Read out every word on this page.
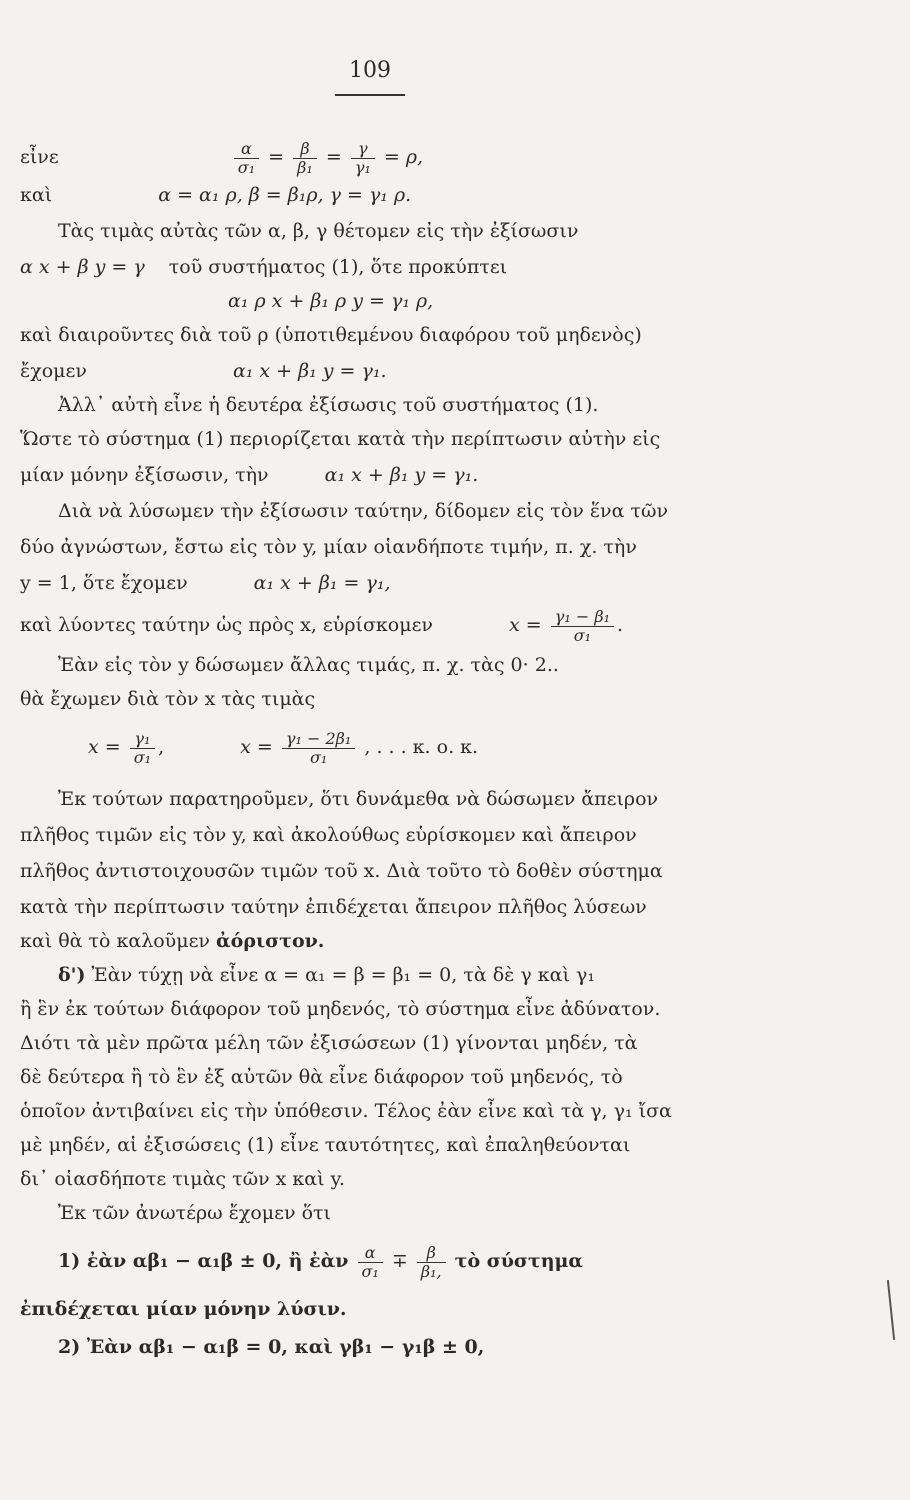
109
εἶνε	$\frac{\alpha}{\text{σ₁}} = \frac{\beta}{\text{β₁}} = \frac{\gamma}{\text{γ₁}} = \rho$,
καὶ	α = α₁ ρ, β = β₁ρ, γ = γ₁ ρ.
Τὰς τιμὰς αὐτὰς τῶν α, β, γ θέτομεν εἰς τὴν ἐξίσωσιν
α x + β y = γ τοῦ συστήματος (1), ὅτε προκύπτει
α₁ ρ x + β₁ ρ y = γ₁ ρ,
καὶ διαιροῦντες διὰ τοῦ ρ (ὑποτιθεμένου διαφόρου τοῦ μηδενὸς)
ἔχομεν	α₁ x + β₁ y = γ₁.
Ἀλλ᾽ αὐτὴ εἶνε ἡ δευτέρα ἐξίσωσις τοῦ συστήματος (1).
Ὥστε τὸ σύστημα (1) περιορίζεται κατὰ τὴν περίπτωσιν αὐτὴν εἰς
μίαν μόνην ἐξίσωσιν, τὴν	α₁ x + β₁ y = γ₁.
Διὰ νὰ λύσωμεν τὴν ἐξίσωσιν ταύτην, δίδομεν εἰς τὸν ἕνα τῶν
δύο ἀγνώστων, ἔστω εἰς τὸν y, μίαν οἱανδήποτε τιμήν, π. χ. τὴν
y = 1, ὅτε ἔχομεν	α₁ x + β₁ = γ₁,
καὶ λύοντες ταύτην ὡς πρὸς x, εὑρίσκομεν	$x = \frac{\text{γ₁ − β₁}}{\text{σ₁}}$ .
Ἐὰν εἰς τὸν y δώσωμεν ἄλλας τιμάς, π. χ. τὰς 0· 2..
θὰ ἔχωμεν διὰ τὸν x τὰς τιμὰς
$x = \frac{\text{γ₁}}{\text{σ₁}}$ ,	$x = \frac{\text{γ₁ − 2β₁}}{\text{σ₁}}$ , . . . κ. ο. κ.
Ἐκ τούτων παρατηροῦμεν, ὅτι δυνάμεθα νὰ δώσωμεν ἄπειρον
πλῆθος τιμῶν εἰς τὸν y, καὶ ἀκολούθως εὑρίσκομεν καὶ ἄπειρον
πλῆθος ἀντιστοιχουσῶν τιμῶν τοῦ x. Διὰ τοῦτο τὸ δοθὲν σύστημα
κατὰ τὴν περίπτωσιν ταύτην ἐπιδέχεται ἄπειρον πλῆθος λύσεων
καὶ θὰ τὸ καλοῦμεν ἀόριστον.
δ') Ἐὰν τύχῃ νὰ εἶνε α = α₁ = β = β₁ = 0, τὰ δὲ γ καὶ γ₁
ἢ ἓν ἐκ τούτων διάφορον τοῦ μηδενός, τὸ σύστημα εἶνε ἀδύνατον.
Διότι τὰ μὲν πρῶτα μέλη τῶν ἐξισώσεων (1) γίνονται μηδέν, τὰ
δὲ δεύτερα ἢ τὸ ἓν ἐξ αὐτῶν θὰ εἶνε διάφορον τοῦ μηδενός, τὸ
ὁποῖον ἀντιβαίνει εἰς τὴν ὑπόθεσιν. Τέλος ἐὰν εἶνε καὶ τὰ γ, γ₁ ἴσα
μὲ μηδέν, αἱ ἐξισώσεις (1) εἶνε ταυτότητες, καὶ ἐπαληθεύονται
δι᾽ οἱασδήποτε τιμὰς τῶν x καὶ y.
Ἐκ τῶν ἀνωτέρω ἔχομεν ὅτι
1) ἐὰν αβ₁ − α₁β ± 0, ἢ ἐὰν $\frac{\alpha}{\text{σ₁}} \mp \frac{\beta}{\text{β₁,}}$ τὸ σύστημα
ἐπιδέχεται μίαν μόνην λύσιν.
2) Ἐὰν αβ₁ − α₁β = 0, καὶ γβ₁ − γ₁β ± 0,
